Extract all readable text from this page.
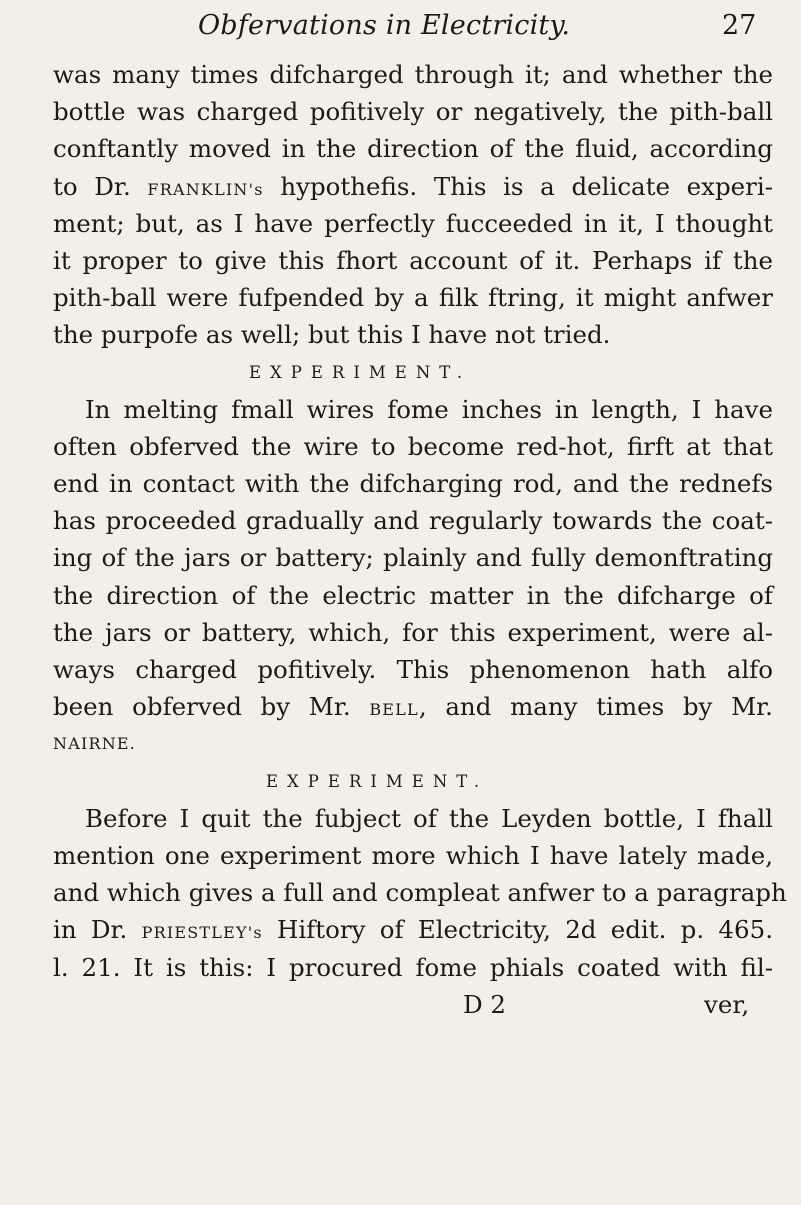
Obfervations in Electricity.	27
was many times difcharged through it; and whether the
bottle was charged pofitively or negatively, the pith-ball
conftantly moved in the direction of the fluid, according
to Dr. FRANKLIN's hypothefis. This is a delicate experi-
ment; but, as I have perfectly fucceeded in it, I thought
it proper to give this fhort account of it. Perhaps if the
pith-ball were fufpended by a filk ftring, it might anfwer
the purpofe as well; but this I have not tried.
EXPERIMENT.
In melting fmall wires fome inches in length, I have
often obferved the wire to become red-hot, firft at that
end in contact with the difcharging rod, and the rednefs
has proceeded gradually and regularly towards the coat-
ing of the jars or battery; plainly and fully demonftrating
the direction of the electric matter in the difcharge of
the jars or battery, which, for this experiment, were al-
ways charged pofitively. This phenomenon hath alfo
been obferved by Mr. BELL, and many times by Mr.
NAIRNE.
EXPERIMENT.
Before I quit the fubject of the Leyden bottle, I fhall
mention one experiment more which I have lately made,
and which gives a full and compleat anfwer to a paragraph
in Dr. PRIESTLEY's Hiftory of Electricity, 2d edit. p. 465.
l. 21. It is this: I procured fome phials coated with fil-
D 2	ver,
